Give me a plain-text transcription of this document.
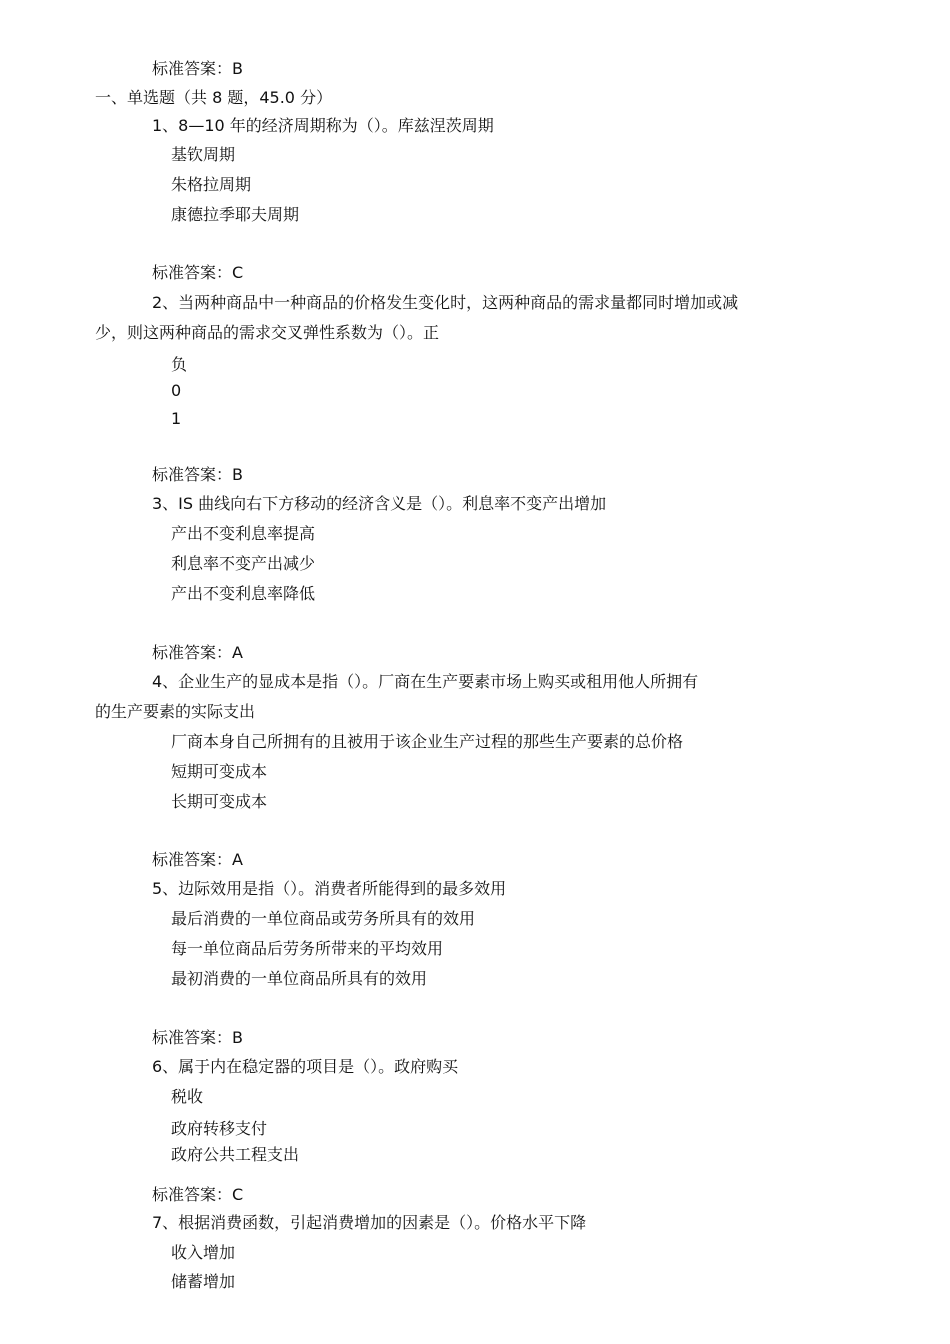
标准答案：B
一、单选题（共 8 题，45.0 分）
1、8—10 年的经济周期称为（）。库兹涅茨周期
基钦周期
朱格拉周期
康德拉季耶夫周期
标准答案：C
2、当两种商品中一种商品的价格发生变化时，这两种商品的需求量都同时增加或减
少，则这两种商品的需求交叉弹性系数为（）。正
负
0
1
标准答案：B
3、IS 曲线向右下方移动的经济含义是（）。利息率不变产出增加
产出不变利息率提高
利息率不变产出减少
产出不变利息率降低
标准答案：A
4、企业生产的显成本是指（）。厂商在生产要素市场上购买或租用他人所拥有
的生产要素的实际支出
厂商本身自己所拥有的且被用于该企业生产过程的那些生产要素的总价格
短期可变成本
长期可变成本
标准答案：A
5、边际效用是指（）。消费者所能得到的最多效用
最后消费的一单位商品或劳务所具有的效用
每一单位商品后劳务所带来的平均效用
最初消费的一单位商品所具有的效用
标准答案：B
6、属于内在稳定器的项目是（）。政府购买
税收
政府转移支付
政府公共工程支出
标准答案：C
7、根据消费函数，引起消费增加的因素是（）。价格水平下降
收入增加
储蓄增加
